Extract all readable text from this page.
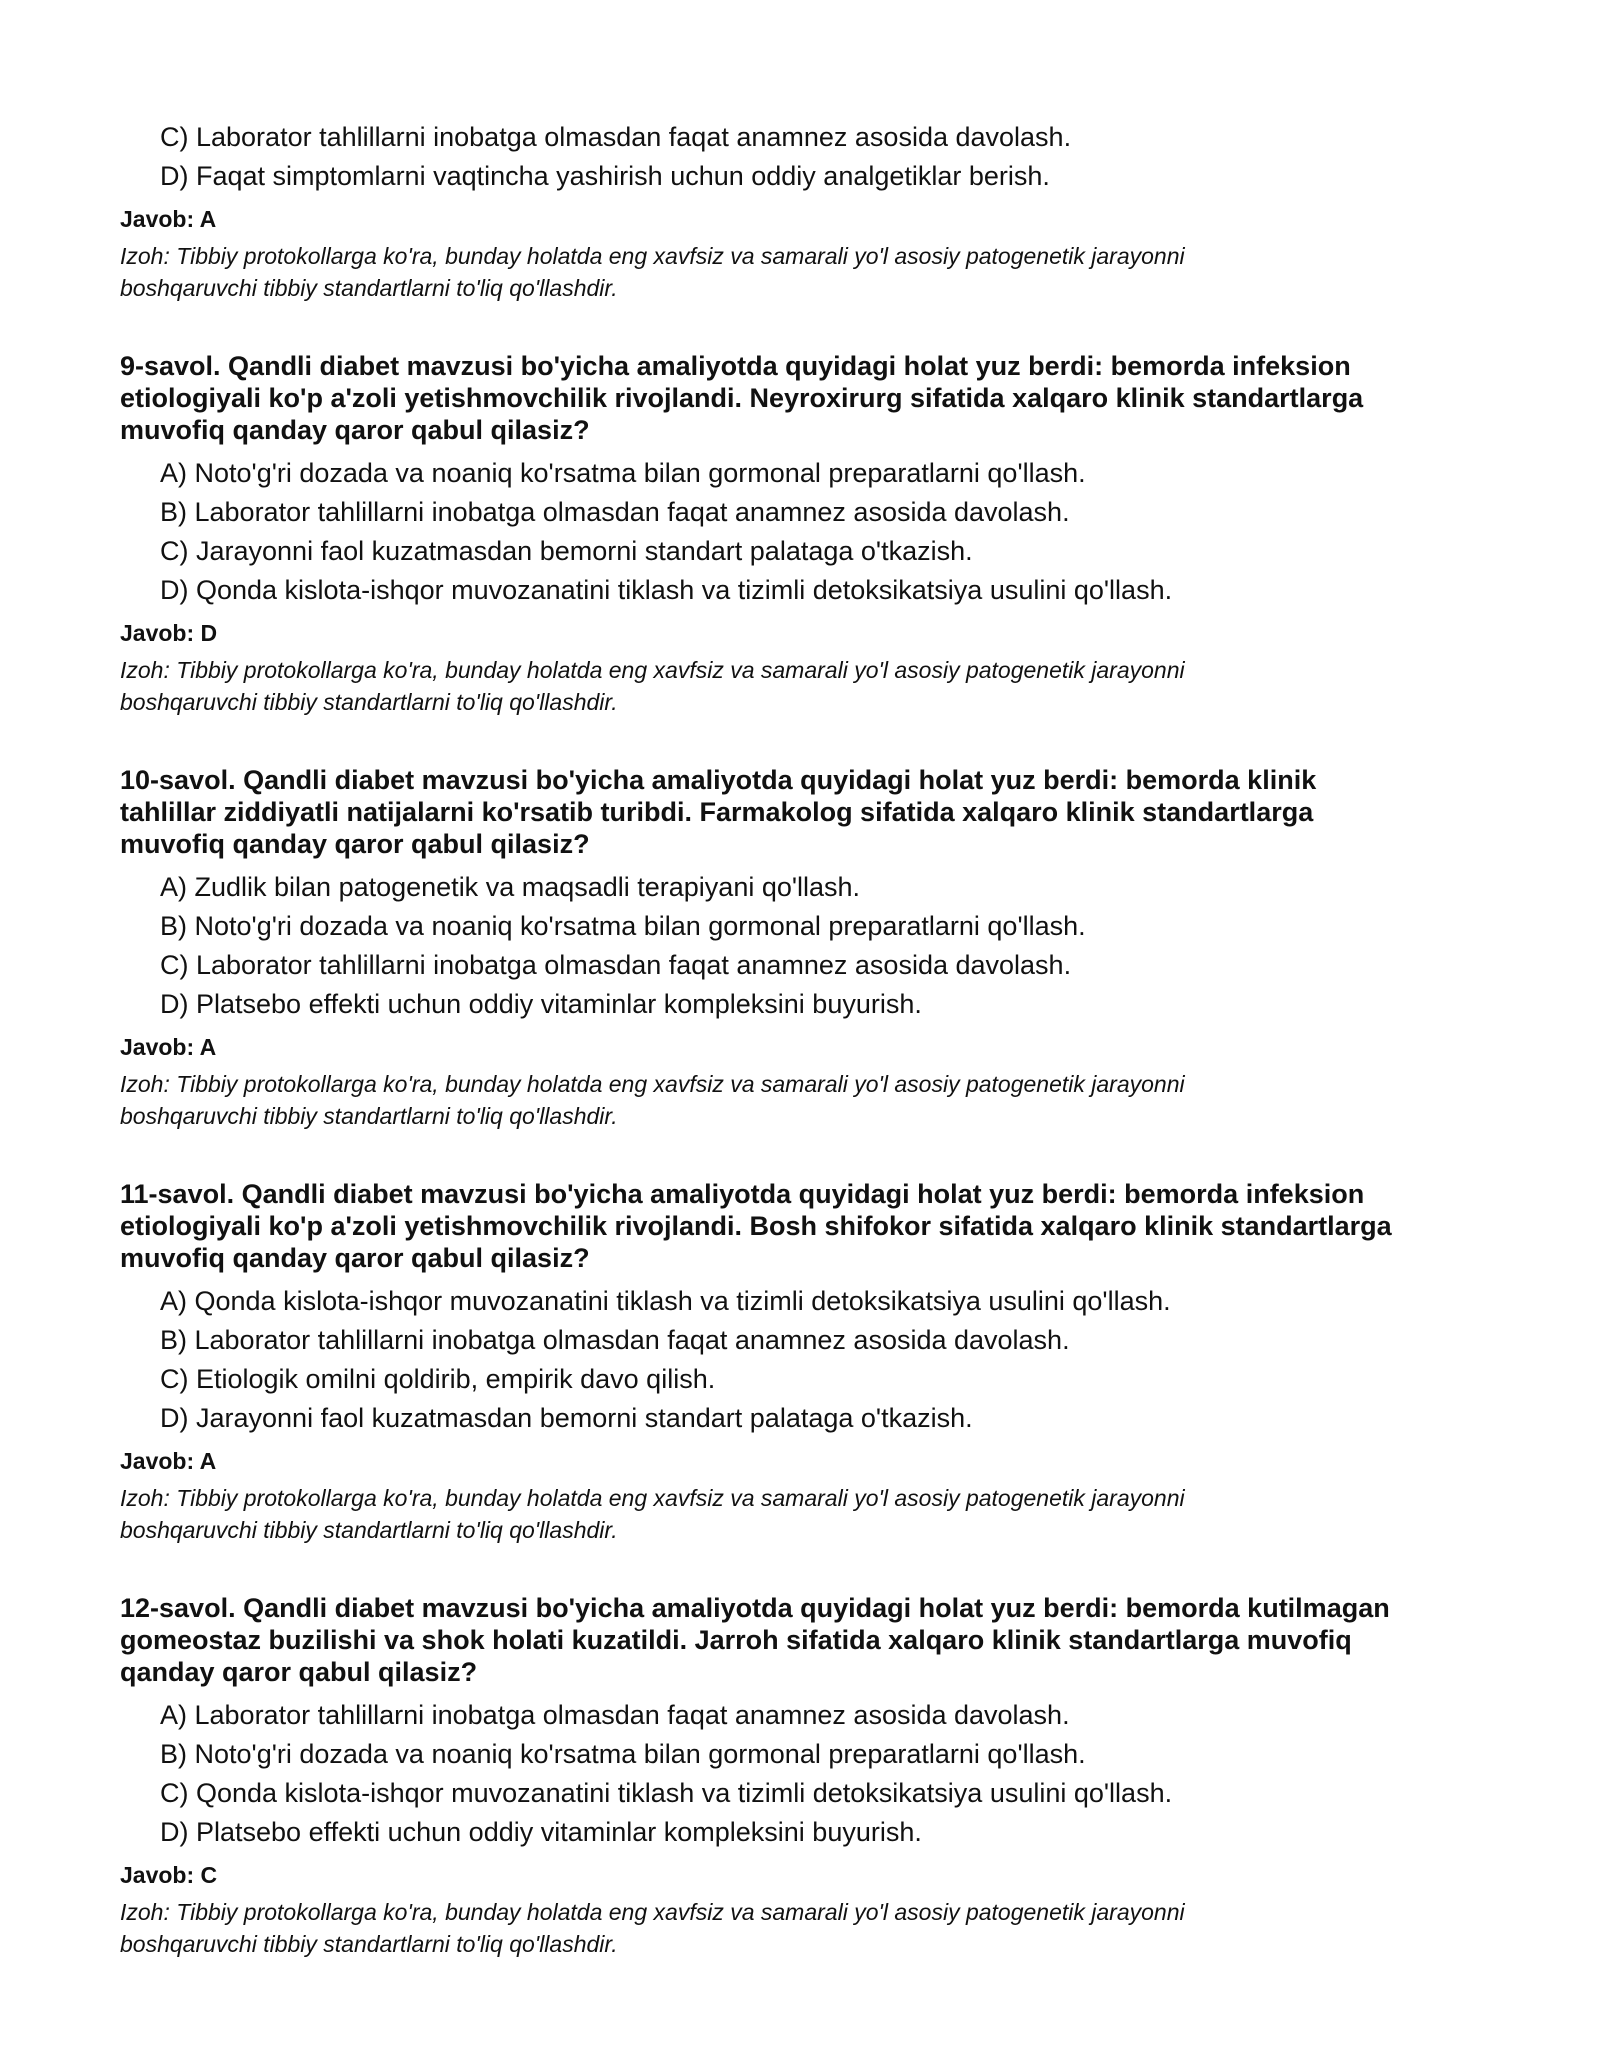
C) Laborator tahlillarni inobatga olmasdan faqat anamnez asosida davolash.
D) Faqat simptomlarni vaqtincha yashirish uchun oddiy analgetiklar berish.
Javob: A
Izoh: Tibbiy protokollarga ko'ra, bunday holatda eng xavfsiz va samarali yo'l asosiy patogenetik jarayonni
boshqaruvchi tibbiy standartlarni to'liq qo'llashdir.
9-savol. Qandli diabet mavzusi bo'yicha amaliyotda quyidagi holat yuz berdi: bemorda infeksion
etiologiyali ko'p a'zoli yetishmovchilik rivojlandi. Neyroxirurg sifatida xalqaro klinik standartlarga
muvofiq qanday qaror qabul qilasiz?
A) Noto'g'ri dozada va noaniq ko'rsatma bilan gormonal preparatlarni qo'llash.
B) Laborator tahlillarni inobatga olmasdan faqat anamnez asosida davolash.
C) Jarayonni faol kuzatmasdan bemorni standart palataga o'tkazish.
D) Qonda kislota-ishqor muvozanatini tiklash va tizimli detoksikatsiya usulini qo'llash.
Javob: D
Izoh: Tibbiy protokollarga ko'ra, bunday holatda eng xavfsiz va samarali yo'l asosiy patogenetik jarayonni
boshqaruvchi tibbiy standartlarni to'liq qo'llashdir.
10-savol. Qandli diabet mavzusi bo'yicha amaliyotda quyidagi holat yuz berdi: bemorda klinik
tahlillar ziddiyatli natijalarni ko'rsatib turibdi. Farmakolog sifatida xalqaro klinik standartlarga
muvofiq qanday qaror qabul qilasiz?
A) Zudlik bilan patogenetik va maqsadli terapiyani qo'llash.
B) Noto'g'ri dozada va noaniq ko'rsatma bilan gormonal preparatlarni qo'llash.
C) Laborator tahlillarni inobatga olmasdan faqat anamnez asosida davolash.
D) Platsebo effekti uchun oddiy vitaminlar kompleksini buyurish.
Javob: A
Izoh: Tibbiy protokollarga ko'ra, bunday holatda eng xavfsiz va samarali yo'l asosiy patogenetik jarayonni
boshqaruvchi tibbiy standartlarni to'liq qo'llashdir.
11-savol. Qandli diabet mavzusi bo'yicha amaliyotda quyidagi holat yuz berdi: bemorda infeksion
etiologiyali ko'p a'zoli yetishmovchilik rivojlandi. Bosh shifokor sifatida xalqaro klinik standartlarga
muvofiq qanday qaror qabul qilasiz?
A) Qonda kislota-ishqor muvozanatini tiklash va tizimli detoksikatsiya usulini qo'llash.
B) Laborator tahlillarni inobatga olmasdan faqat anamnez asosida davolash.
C) Etiologik omilni qoldirib, empirik davo qilish.
D) Jarayonni faol kuzatmasdan bemorni standart palataga o'tkazish.
Javob: A
Izoh: Tibbiy protokollarga ko'ra, bunday holatda eng xavfsiz va samarali yo'l asosiy patogenetik jarayonni
boshqaruvchi tibbiy standartlarni to'liq qo'llashdir.
12-savol. Qandli diabet mavzusi bo'yicha amaliyotda quyidagi holat yuz berdi: bemorda kutilmagan
gomeostaz buzilishi va shok holati kuzatildi. Jarroh sifatida xalqaro klinik standartlarga muvofiq
qanday qaror qabul qilasiz?
A) Laborator tahlillarni inobatga olmasdan faqat anamnez asosida davolash.
B) Noto'g'ri dozada va noaniq ko'rsatma bilan gormonal preparatlarni qo'llash.
C) Qonda kislota-ishqor muvozanatini tiklash va tizimli detoksikatsiya usulini qo'llash.
D) Platsebo effekti uchun oddiy vitaminlar kompleksini buyurish.
Javob: C
Izoh: Tibbiy protokollarga ko'ra, bunday holatda eng xavfsiz va samarali yo'l asosiy patogenetik jarayonni
boshqaruvchi tibbiy standartlarni to'liq qo'llashdir.
